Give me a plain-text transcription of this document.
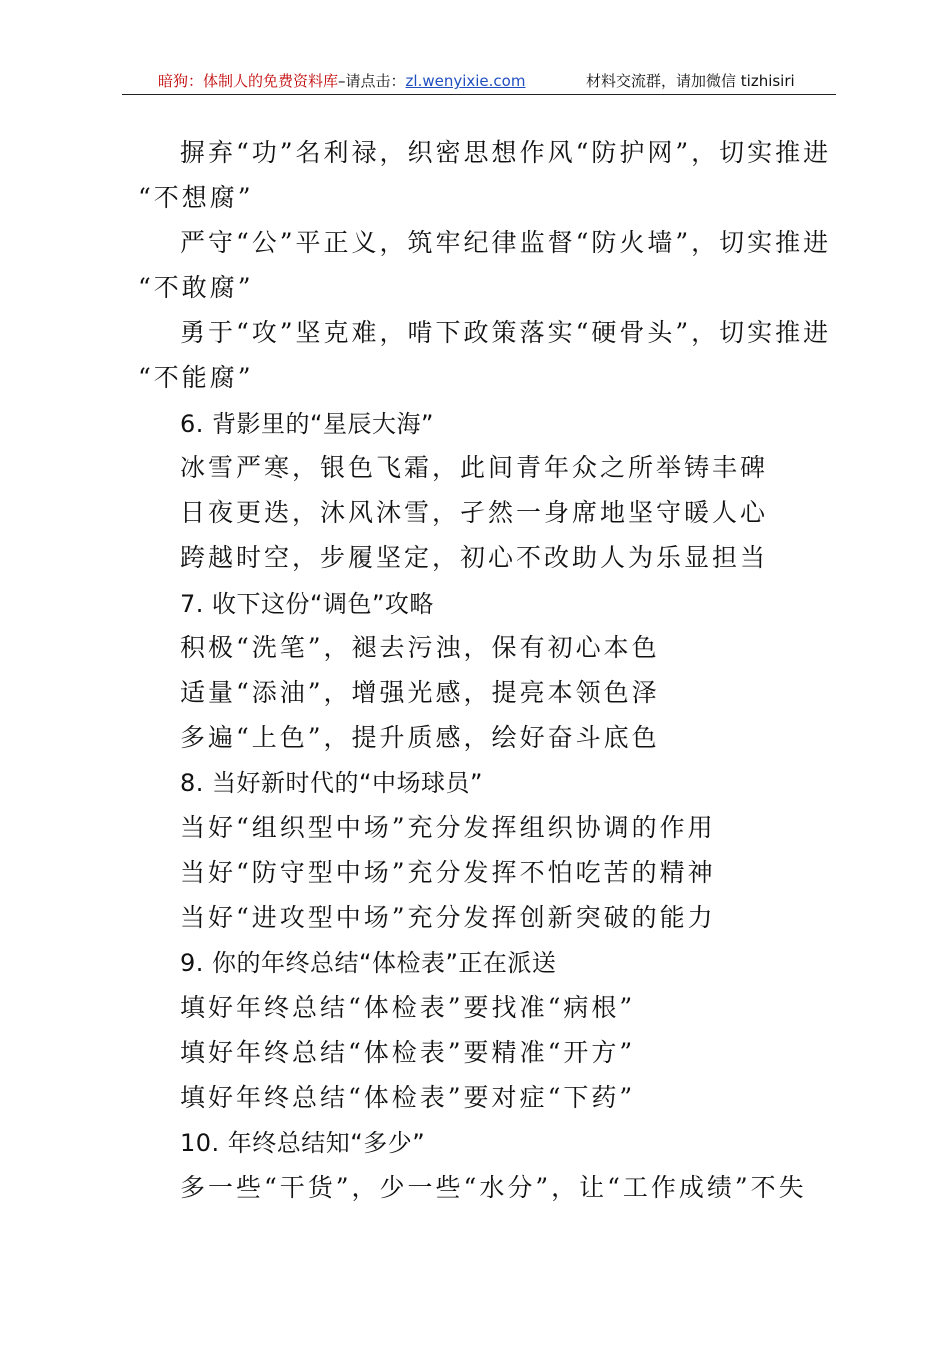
暗狗：体制人的免费资料库–请点击：zl.wenyixie.com	材料交流群，请加微信 tizhisiri
摒弃“功”名利禄，织密思想作风“防护网”，切实推进
“不想腐”
严守“公”平正义，筑牢纪律监督“防火墙”，切实推进
“不敢腐”
勇于“攻”坚克难，啃下政策落实“硬骨头”，切实推进
“不能腐”
6. 背影里的“星辰大海”
冰雪严寒，银色飞霜，此间青年众之所举铸丰碑
日夜更迭，沐风沐雪，孑然一身席地坚守暖人心
跨越时空，步履坚定，初心不改助人为乐显担当
7. 收下这份“调色”攻略
积极“洗笔”，褪去污浊，保有初心本色
适量“添油”，增强光感，提亮本领色泽
多遍“上色”，提升质感，绘好奋斗底色
8. 当好新时代的“中场球员”
当好“组织型中场”充分发挥组织协调的作用
当好“防守型中场”充分发挥不怕吃苦的精神
当好“进攻型中场”充分发挥创新突破的能力
9. 你的年终总结“体检表”正在派送
填好年终总结“体检表”要找准“病根”
填好年终总结“体检表”要精准“开方”
填好年终总结“体检表”要对症“下药”
10. 年终总结知“多少”
多一些“干货”，少一些“水分”，让“工作成绩”不失
